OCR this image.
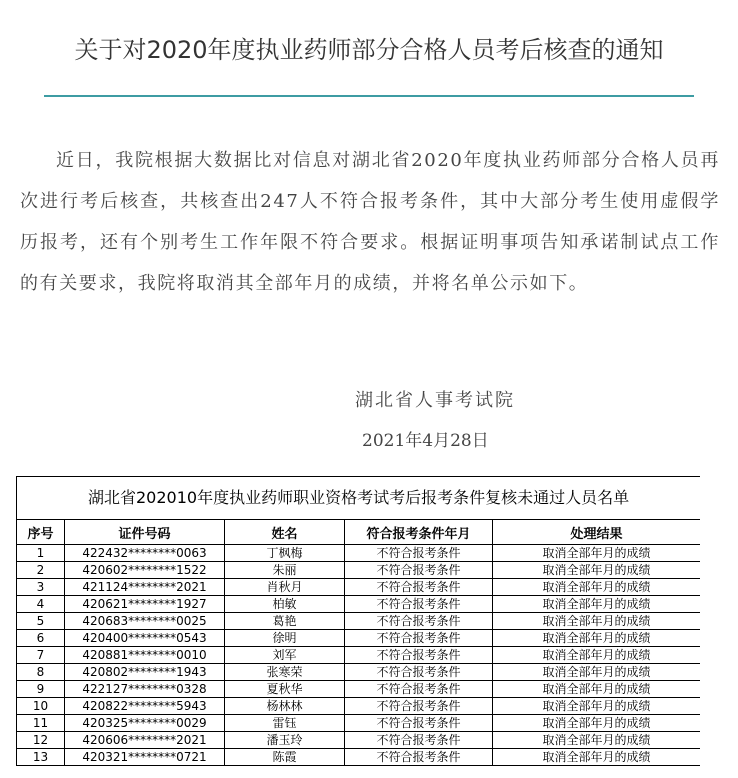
关于对2020年度执业药师部分合格人员考后核查的通知

近日，我院根据大数据比对信息对湖北省2020年度执业药师部分合格人员再次进行考后核查，共核查出247人不符合报考条件，其中大部分考生使用虚假学历报考，还有个别考生工作年限不符合要求。根据证明事项告知承诺制试点工作的有关要求，我院将取消其全部年月的成绩，并将名单公示如下。

湖北省人事考试院
2021年4月28日
湖北省202010年度执业药师职业资格考试考后报考条件复核未通过人员名单				
序号	证件号码	姓名	符合报考条件年月	处理结果
1	422432********0063	丁枫梅	不符合报考条件	取消全部年月的成绩
2	420602********1522	朱丽	不符合报考条件	取消全部年月的成绩
3	421124********2021	肖秋月	不符合报考条件	取消全部年月的成绩
4	420621********1927	柏敏	不符合报考条件	取消全部年月的成绩
5	420683********0025	葛艳	不符合报考条件	取消全部年月的成绩
6	420400********0543	徐明	不符合报考条件	取消全部年月的成绩
7	420881********0010	刘军	不符合报考条件	取消全部年月的成绩
8	420802********1943	张寒荣	不符合报考条件	取消全部年月的成绩
9	422127********0328	夏秋华	不符合报考条件	取消全部年月的成绩
10	420822********5943	杨林林	不符合报考条件	取消全部年月的成绩
11	420325********0029	雷钰	不符合报考条件	取消全部年月的成绩
12	420606********2021	潘玉玲	不符合报考条件	取消全部年月的成绩
13	420321********0721	陈霞	不符合报考条件	取消全部年月的成绩
